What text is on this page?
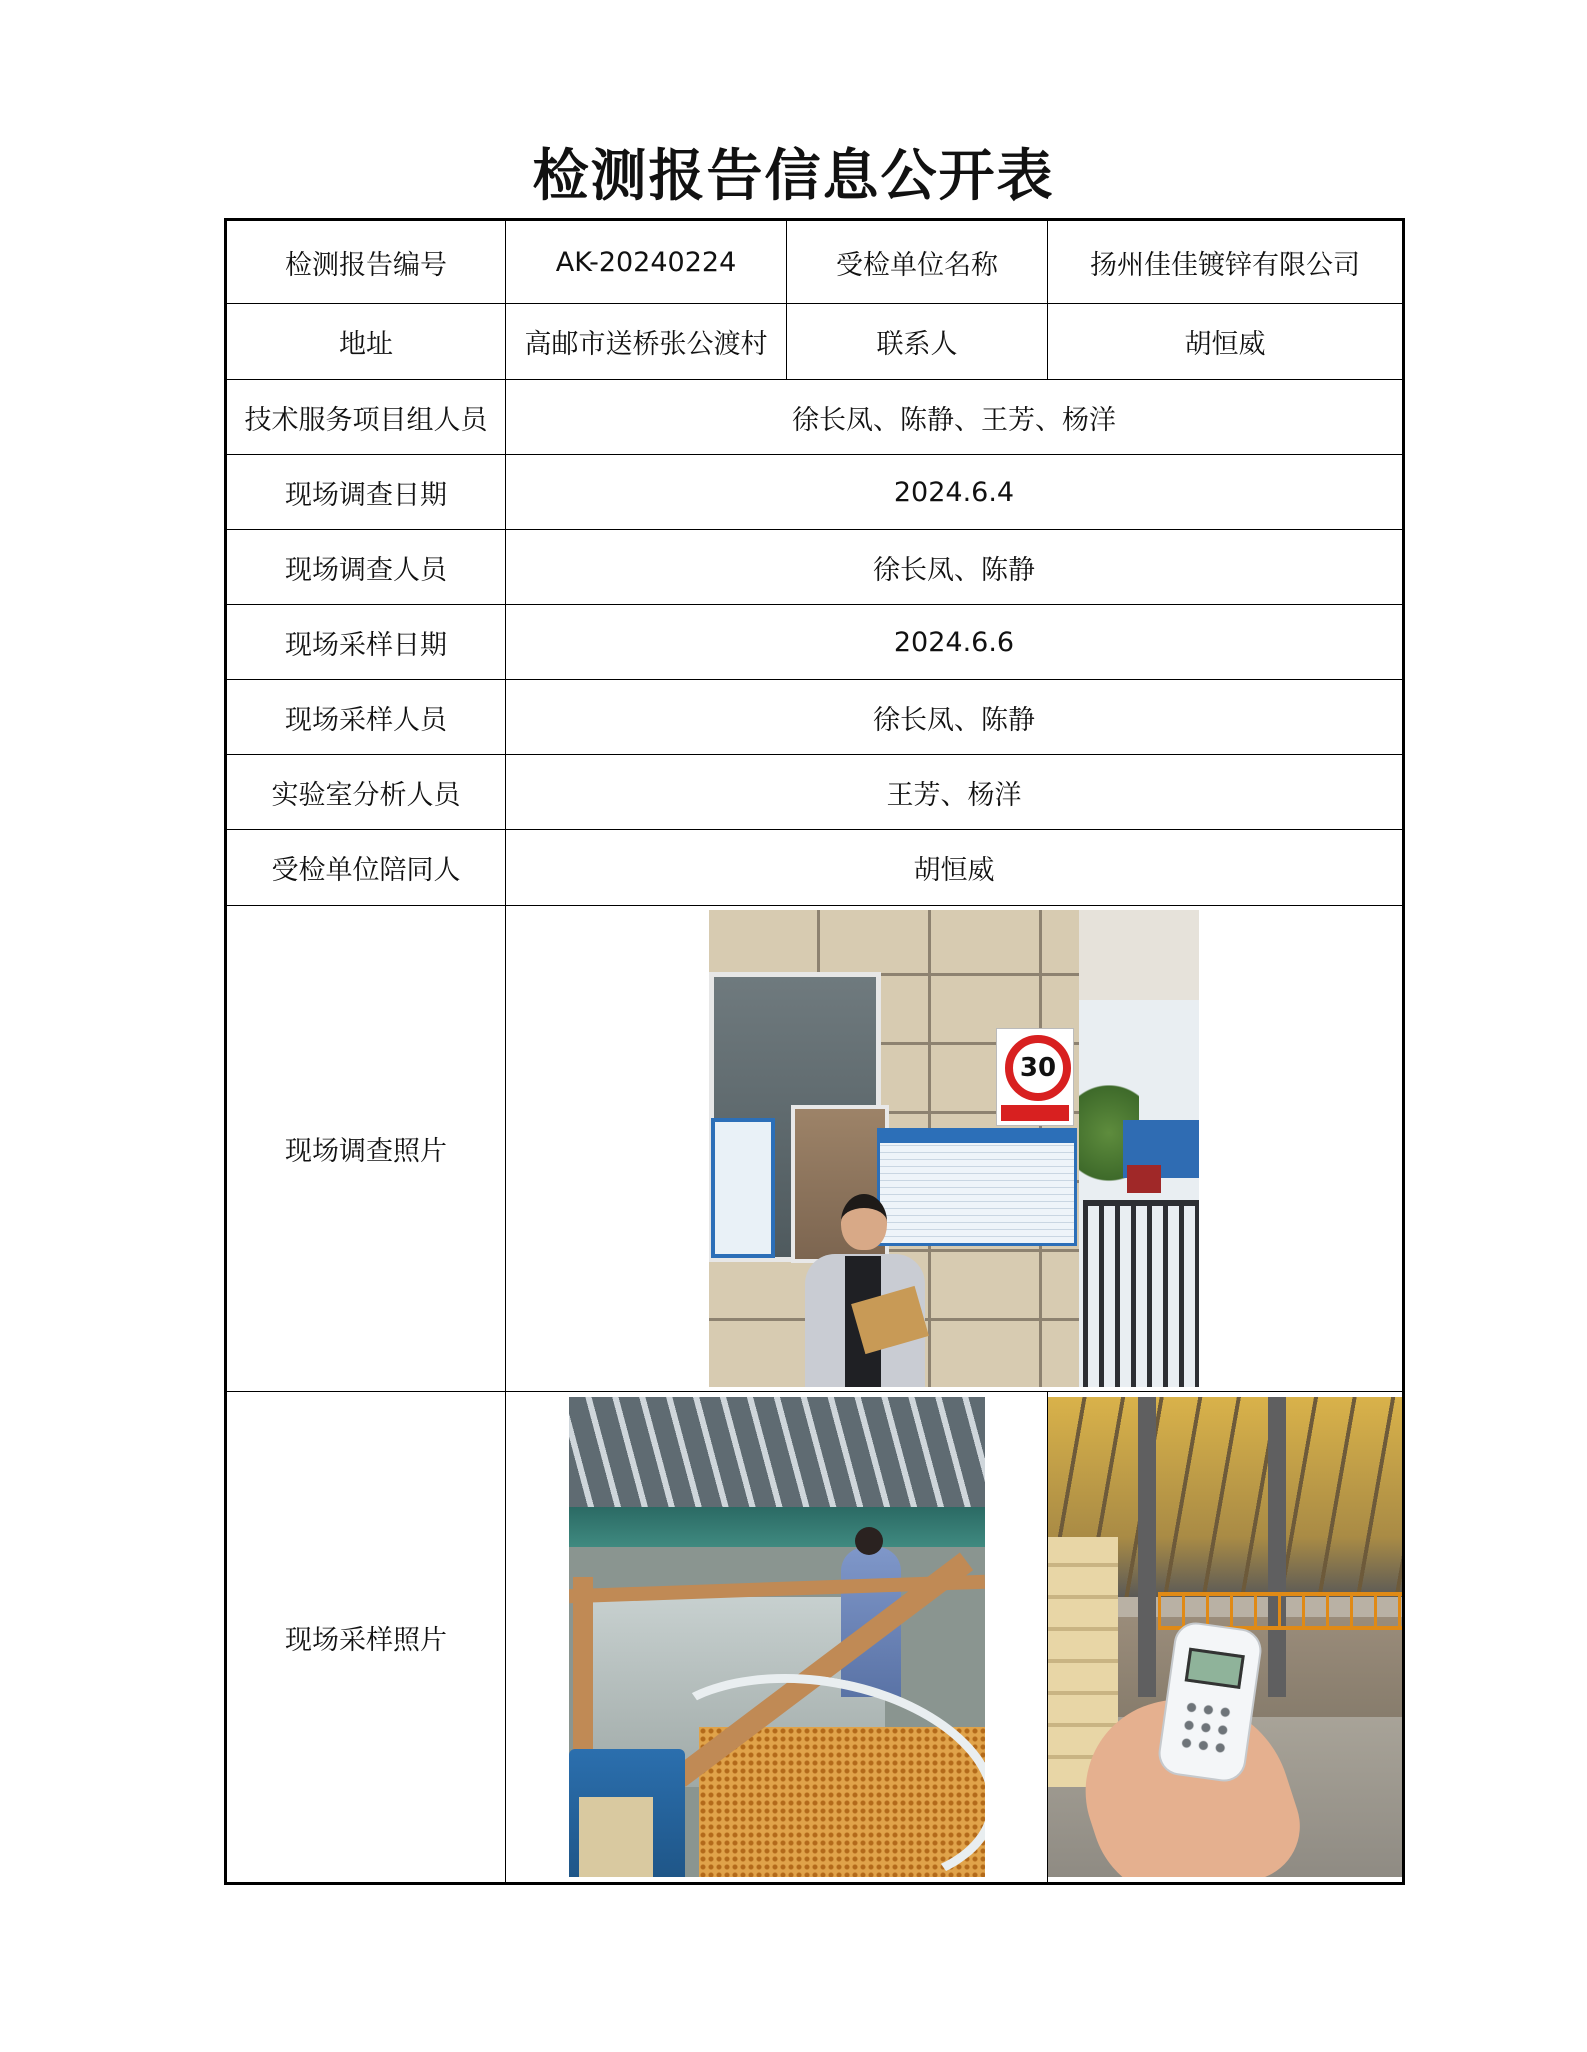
检测报告信息公开表
检测报告编号	AK-20240224	受检单位名称	扬州佳佳镀锌有限公司
地址	高邮市送桥张公渡村	联系人	胡恒威
技术服务项目组人员	徐长凤、陈静、王芳、杨洋		
现场调查日期	2024.6.4		
现场调查人员	徐长凤、陈静		
现场采样日期	2024.6.6		
现场采样人员	徐长凤、陈静		
实验室分析人员	王芳、杨洋		
受检单位陪同人	胡恒威		
现场调查照片	30		

现场采样照片		
